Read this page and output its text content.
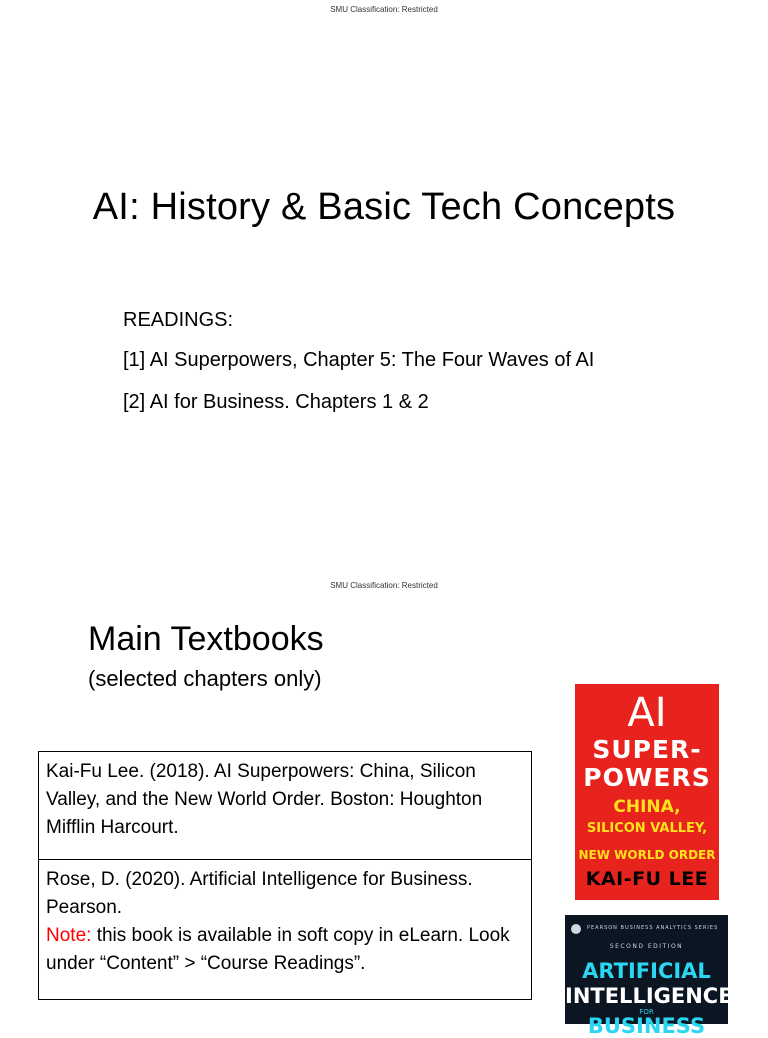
SMU Classification: Restricted
AI: History & Basic Tech Concepts
READINGS:
[1] AI Superpowers, Chapter 5: The Four Waves of AI
[2] AI for Business. Chapters 1 & 2
SMU Classification: Restricted
Main Textbooks
(selected chapters only)
Kai-Fu Lee. (2018). AI Superpowers: China, Silicon Valley, and the New World Order. Boston: Houghton Mifflin Harcourt.
Rose, D. (2020). Artificial Intelligence for Business. Pearson.
Note: this book is available in soft copy in eLearn. Look under “Content” > “Course Readings”.
AI
SUPER-
POWERS
CHINA,
SILICON VALLEY,
NEW WORLD ORDER
KAI-FU LEE
PEARSON BUSINESS ANALYTICS SERIES
SECOND EDITION
ARTIFICIAL
INTELLIGENCE
FOR
BUSINESS
